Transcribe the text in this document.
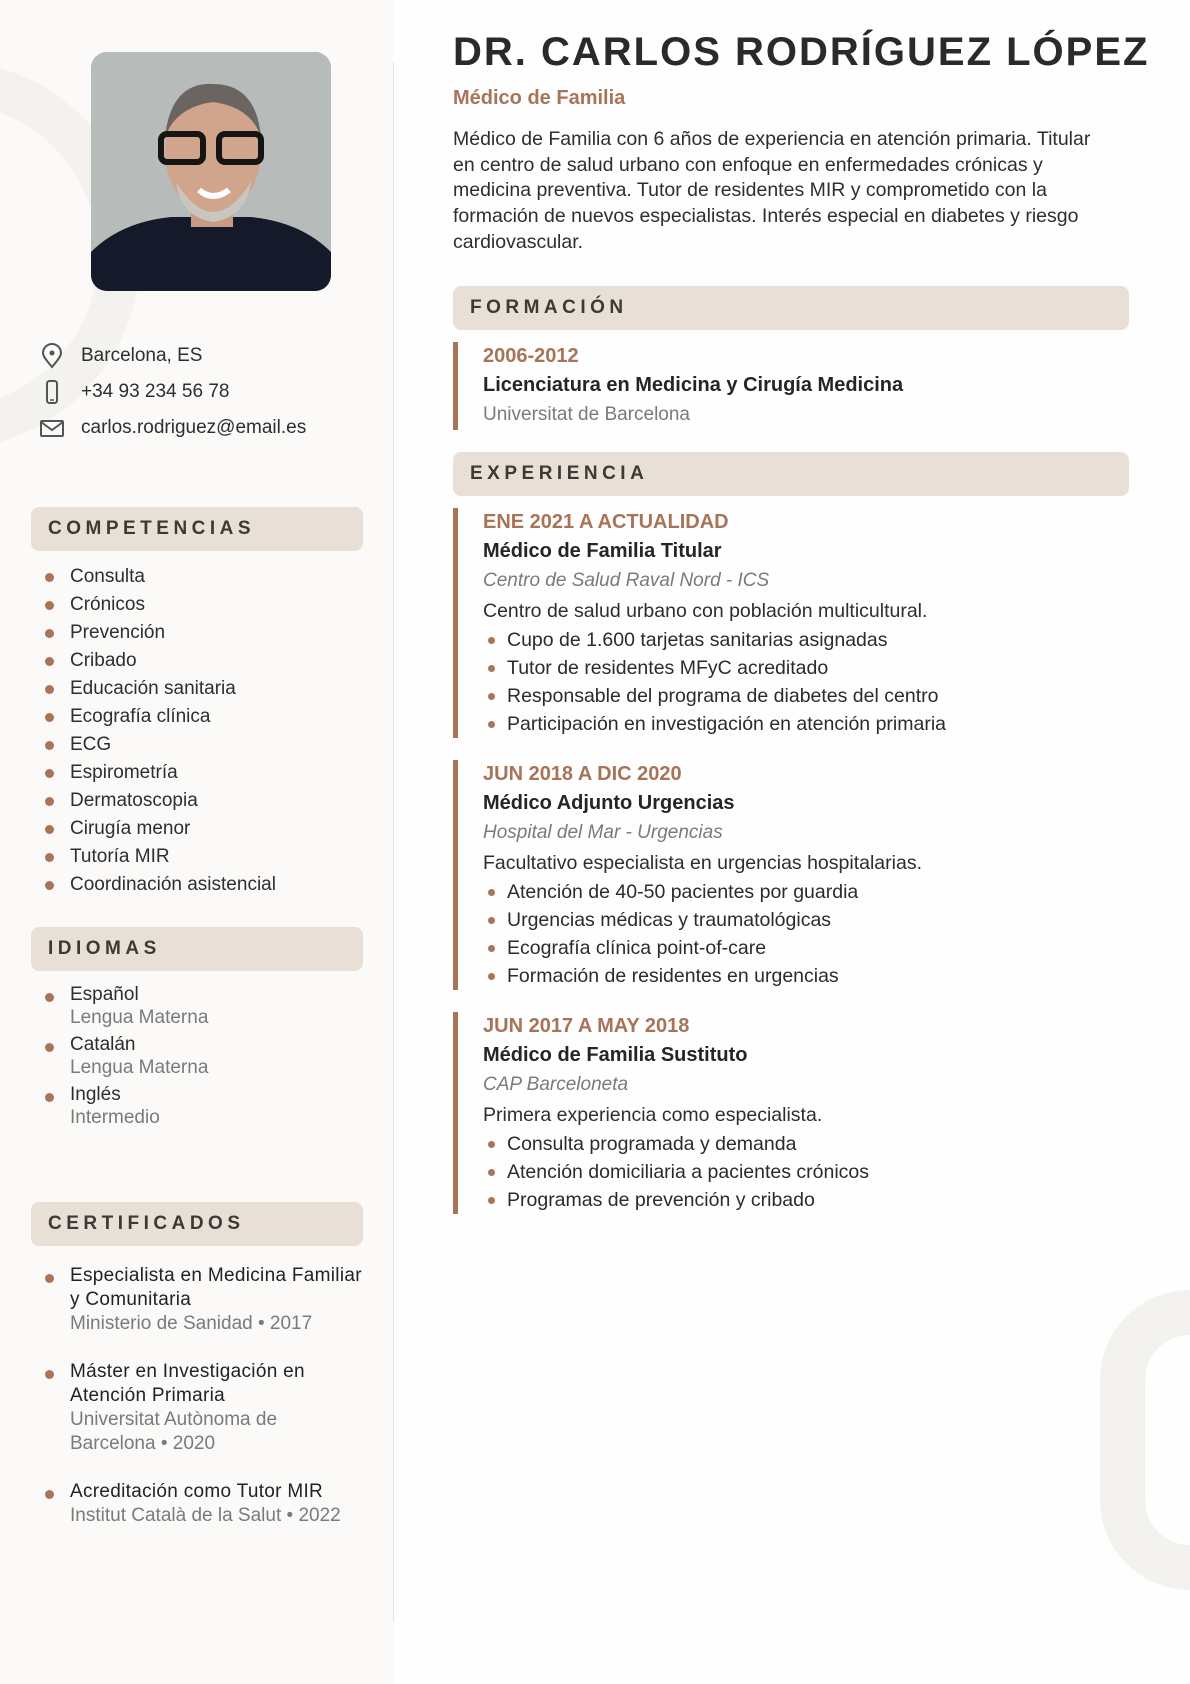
Barcelona, ES
+34 93 234 56 78
carlos.rodriguez@email.es
COMPETENCIAS
Consulta
Crónicos
Prevención
Cribado
Educación sanitaria
Ecografía clínica
ECG
Espirometría
Dermatoscopia
Cirugía menor
Tutoría MIR
Coordinación asistencial
IDIOMAS
Español
Lengua Materna
Catalán
Lengua Materna
Inglés
Intermedio
CERTIFICADOS
Especialista en Medicina Familiar y Comunitaria
Ministerio de Sanidad • 2017
Máster en Investigación en Atención Primaria
Universitat Autònoma de Barcelona • 2020
Acreditación como Tutor MIR
Institut Català de la Salut • 2022
DR. CARLOS RODRÍGUEZ LÓPEZ
Médico de Familia

Médico de Familia con 6 años de experiencia en atención primaria. Titular en centro de salud urbano con enfoque en enfermedades crónicas y medicina preventiva. Tutor de residentes MIR y comprometido con la formación de nuevos especialistas. Interés especial en diabetes y riesgo cardiovascular.

FORMACIÓN
2006-2012
Licenciatura en Medicina y Cirugía Medicina
Universitat de Barcelona
EXPERIENCIA
ENE 2021 A ACTUALIDAD
Médico de Familia Titular
Centro de Salud Raval Nord - ICS
Centro de salud urbano con población multicultural.
Cupo de 1.600 tarjetas sanitarias asignadas
Tutor de residentes MFyC acreditado
Responsable del programa de diabetes del centro
Participación en investigación en atención primaria
JUN 2018 A DIC 2020
Médico Adjunto Urgencias
Hospital del Mar - Urgencias
Facultativo especialista en urgencias hospitalarias.
Atención de 40-50 pacientes por guardia
Urgencias médicas y traumatológicas
Ecografía clínica point-of-care
Formación de residentes en urgencias
JUN 2017 A MAY 2018
Médico de Familia Sustituto
CAP Barceloneta
Primera experiencia como especialista.
Consulta programada y demanda
Atención domiciliaria a pacientes crónicos
Programas de prevención y cribado
